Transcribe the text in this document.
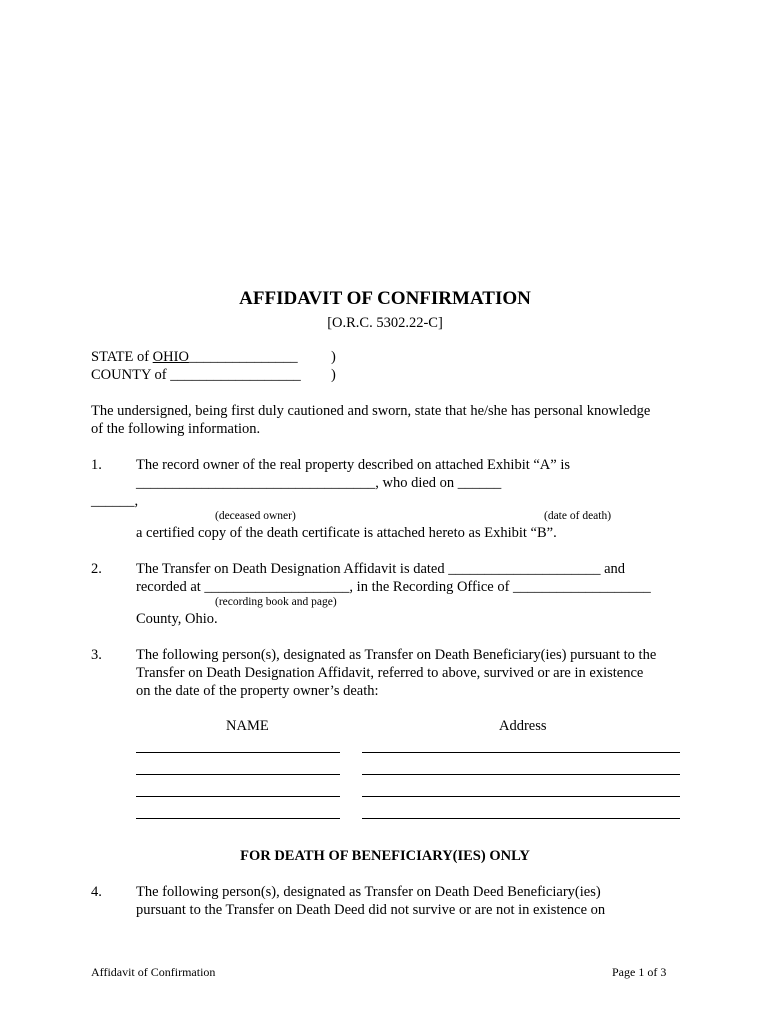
AFFIDAVIT OF CONFIRMATION
[O.R.C. 5302.22-C]
STATE of OHIO_______________ )
COUNTY of __________________ )
The undersigned, being first duly cautioned and sworn, state that he/she has personal knowledge
of the following information.
1. The record owner of the real property described on attached Exhibit “A” is
_________________________________, who died on ______
______,
(deceased owner)	(date of death)
a certified copy of the death certificate is attached hereto as Exhibit “B”.
2. The Transfer on Death Designation Affidavit is dated _____________________ and
recorded at ____________________, in the Recording Office of ___________________
(recording book and page)
County, Ohio.
3. The following person(s), designated as Transfer on Death Beneficiary(ies) pursuant to the
Transfer on Death Designation Affidavit, referred to above, survived or are in existence
on the date of the property owner’s death:
NAME	Address
FOR DEATH OF BENEFICIARY(IES) ONLY
4. The following person(s), designated as Transfer on Death Deed Beneficiary(ies)
pursuant to the Transfer on Death Deed did not survive or are not in existence on
Affidavit of Confirmation	Page 1 of 3
